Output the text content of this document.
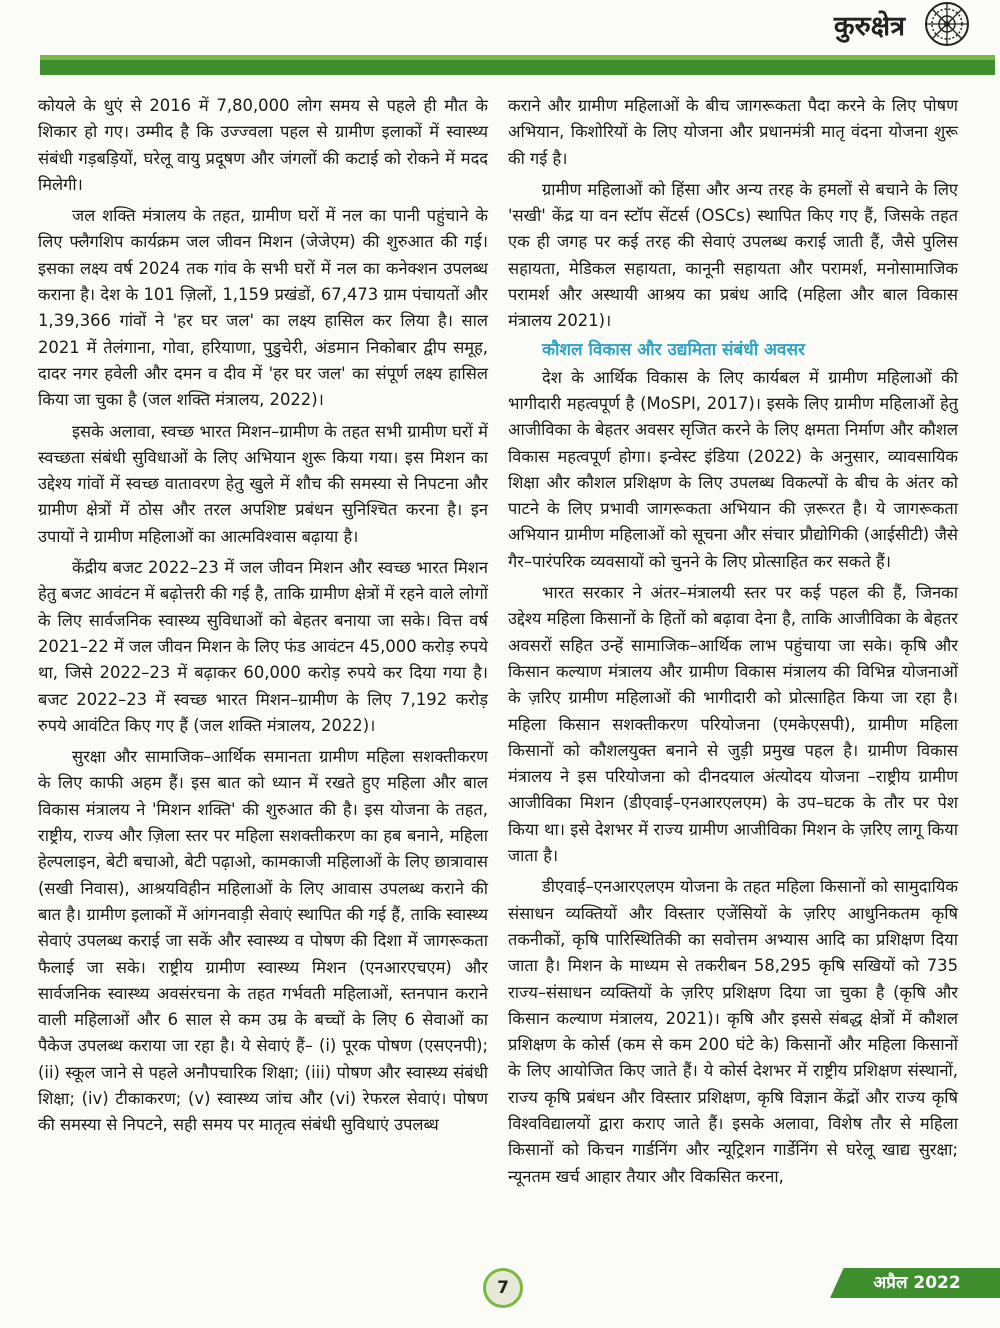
कुरुक्षेत्र

कोयले के धुएं से 2016 में 7,80,000 लोग समय से पहले ही मौत के शिकार हो गए। उम्मीद है कि उज्ज्वला पहल से ग्रामीण इलाकों में स्वास्थ्य संबंधी गड़बड़ियों, घरेलू वायु प्रदूषण और जंगलों की कटाई को रोकने में मदद मिलेगी।

जल शक्ति मंत्रालय के तहत, ग्रामीण घरों में नल का पानी पहुंचाने के लिए फ्लैगशिप कार्यक्रम जल जीवन मिशन (जेजेएम) की शुरुआत की गई। इसका लक्ष्य वर्ष 2024 तक गांव के सभी घरों में नल का कनेक्शन उपलब्ध कराना है। देश के 101 ज़िलों, 1,159 प्रखंडों, 67,473 ग्राम पंचायतों और 1,39,366 गांवों ने 'हर घर जल' का लक्ष्य हासिल कर लिया है। साल 2021 में तेलंगाना, गोवा, हरियाणा, पुडुचेरी, अंडमान निकोबार द्वीप समूह, दादर नगर हवेली और दमन व दीव में 'हर घर जल' का संपूर्ण लक्ष्य हासिल किया जा चुका है (जल शक्ति मंत्रालय, 2022)।

इसके अलावा, स्वच्छ भारत मिशन–ग्रामीण के तहत सभी ग्रामीण घरों में स्वच्छता संबंधी सुविधाओं के लिए अभियान शुरू किया गया। इस मिशन का उद्देश्य गांवों में स्वच्छ वातावरण हेतु खुले में शौच की समस्या से निपटना और ग्रामीण क्षेत्रों में ठोस और तरल अपशिष्ट प्रबंधन सुनिश्चित करना है। इन उपायों ने ग्रामीण महिलाओं का आत्मविश्वास बढ़ाया है।

केंद्रीय बजट 2022–23 में जल जीवन मिशन और स्वच्छ भारत मिशन हेतु बजट आवंटन में बढ़ोत्तरी की गई है, ताकि ग्रामीण क्षेत्रों में रहने वाले लोगों के लिए सार्वजनिक स्वास्थ्य सुविधाओं को बेहतर बनाया जा सके। वित्त वर्ष 2021–22 में जल जीवन मिशन के लिए फंड आवंटन 45,000 करोड़ रुपये था, जिसे 2022–23 में बढ़ाकर 60,000 करोड़ रुपये कर दिया गया है। बजट 2022–23 में स्वच्छ भारत मिशन–ग्रामीण के लिए 7,192 करोड़ रुपये आवंटित किए गए हैं (जल शक्ति मंत्रालय, 2022)।

सुरक्षा और सामाजिक–आर्थिक समानता ग्रामीण महिला सशक्तीकरण के लिए काफी अहम हैं। इस बात को ध्यान में रखते हुए महिला और बाल विकास मंत्रालय ने 'मिशन शक्ति' की शुरुआत की है। इस योजना के तहत, राष्ट्रीय, राज्य और ज़िला स्तर पर महिला सशक्तीकरण का हब बनाने, महिला हेल्पलाइन, बेटी बचाओ, बेटी पढ़ाओ, कामकाजी महिलाओं के लिए छात्रावास (सखी निवास), आश्रयविहीन महिलाओं के लिए आवास उपलब्ध कराने की बात है। ग्रामीण इलाकों में आंगनवाड़ी सेवाएं स्थापित की गई हैं, ताकि स्वास्थ्य सेवाएं उपलब्ध कराई जा सकें और स्वास्थ्य व पोषण की दिशा में जागरूकता फैलाई जा सके। राष्ट्रीय ग्रामीण स्वास्थ्य मिशन (एनआरएचएम) और सार्वजनिक स्वास्थ्य अवसंरचना के तहत गर्भवती महिलाओं, स्तनपान कराने वाली महिलाओं और 6 साल से कम उम्र के बच्चों के लिए 6 सेवाओं का पैकेज उपलब्ध कराया जा रहा है। ये सेवाएं हैं– (i) पूरक पोषण (एसएनपी); (ii) स्कूल जाने से पहले अनौपचारिक शिक्षा; (iii) पोषण और स्वास्थ्य संबंधी शिक्षा; (iv) टीकाकरण; (v) स्वास्थ्य जांच और (vi) रेफरल सेवाएं। पोषण की समस्या से निपटने, सही समय पर मातृत्व संबंधी सुविधाएं उपलब्ध

कराने और ग्रामीण महिलाओं के बीच जागरूकता पैदा करने के लिए पोषण अभियान, किशोरियों के लिए योजना और प्रधानमंत्री मातृ वंदना योजना शुरू की गई है।

ग्रामीण महिलाओं को हिंसा और अन्य तरह के हमलों से बचाने के लिए 'सखी' केंद्र या वन स्टॉप सेंटर्स (OSCs) स्थापित किए गए हैं, जिसके तहत एक ही जगह पर कई तरह की सेवाएं उपलब्ध कराई जाती हैं, जैसे पुलिस सहायता, मेडिकल सहायता, कानूनी सहायता और परामर्श, मनोसामाजिक परामर्श और अस्थायी आश्रय का प्रबंध आदि (महिला और बाल विकास मंत्रालय 2021)।

कौशल विकास और उद्यमिता संबंधी अवसर

देश के आर्थिक विकास के लिए कार्यबल में ग्रामीण महिलाओं की भागीदारी महत्वपूर्ण है (MoSPI, 2017)। इसके लिए ग्रामीण महिलाओं हेतु आजीविका के बेहतर अवसर सृजित करने के लिए क्षमता निर्माण और कौशल विकास महत्वपूर्ण होगा। इन्वेस्ट इंडिया (2022) के अनुसार, व्यावसायिक शिक्षा और कौशल प्रशिक्षण के लिए उपलब्ध विकल्पों के बीच के अंतर को पाटने के लिए प्रभावी जागरूकता अभियान की ज़रूरत है। ये जागरूकता अभियान ग्रामीण महिलाओं को सूचना और संचार प्रौद्योगिकी (आईसीटी) जैसे गैर–पारंपरिक व्यवसायों को चुनने के लिए प्रोत्साहित कर सकते हैं।

भारत सरकार ने अंतर–मंत्रालयी स्तर पर कई पहल की हैं, जिनका उद्देश्य महिला किसानों के हितों को बढ़ावा देना है, ताकि आजीविका के बेहतर अवसरों सहित उन्हें सामाजिक–आर्थिक लाभ पहुंचाया जा सके। कृषि और किसान कल्याण मंत्रालय और ग्रामीण विकास मंत्रालय की विभिन्न योजनाओं के ज़रिए ग्रामीण महिलाओं की भागीदारी को प्रोत्साहित किया जा रहा है। महिला किसान सशक्तीकरण परियोजना (एमकेएसपी), ग्रामीण महिला किसानों को कौशलयुक्त बनाने से जुड़ी प्रमुख पहल है। ग्रामीण विकास मंत्रालय ने इस परियोजना को दीनदयाल अंत्योदय योजना –राष्ट्रीय ग्रामीण आजीविका मिशन (डीएवाई–एनआरएलएम) के उप–घटक के तौर पर पेश किया था। इसे देशभर में राज्य ग्रामीण आजीविका मिशन के ज़रिए लागू किया जाता है।

डीएवाई–एनआरएलएम योजना के तहत महिला किसानों को सामुदायिक संसाधन व्यक्तियों और विस्तार एजेंसियों के ज़रिए आधुनिकतम कृषि तकनीकों, कृषि पारिस्थितिकी का सवोत्तम अभ्यास आदि का प्रशिक्षण दिया जाता है। मिशन के माध्यम से तकरीबन 58,295 कृषि सखियों को 735 राज्य–संसाधन व्यक्तियों के ज़रिए प्रशिक्षण दिया जा चुका है (कृषि और किसान कल्याण मंत्रालय, 2021)। कृषि और इससे संबद्ध क्षेत्रों में कौशल प्रशिक्षण के कोर्स (कम से कम 200 घंटे के) किसानों और महिला किसानों के लिए आयोजित किए जाते हैं। ये कोर्स देशभर में राष्ट्रीय प्रशिक्षण संस्थानों, राज्य कृषि प्रबंधन और विस्तार प्रशिक्षण, कृषि विज्ञान केंद्रों और राज्य कृषि विश्वविद्यालयों द्वारा कराए जाते हैं। इसके अलावा, विशेष तौर से महिला किसानों को किचन गार्डनिंग और न्यूट्रिशन गार्डेनिंग से घरेलू खाद्य सुरक्षा; न्यूनतम खर्च आहार तैयार और विकसित करना,

7	अप्रैल 2022
